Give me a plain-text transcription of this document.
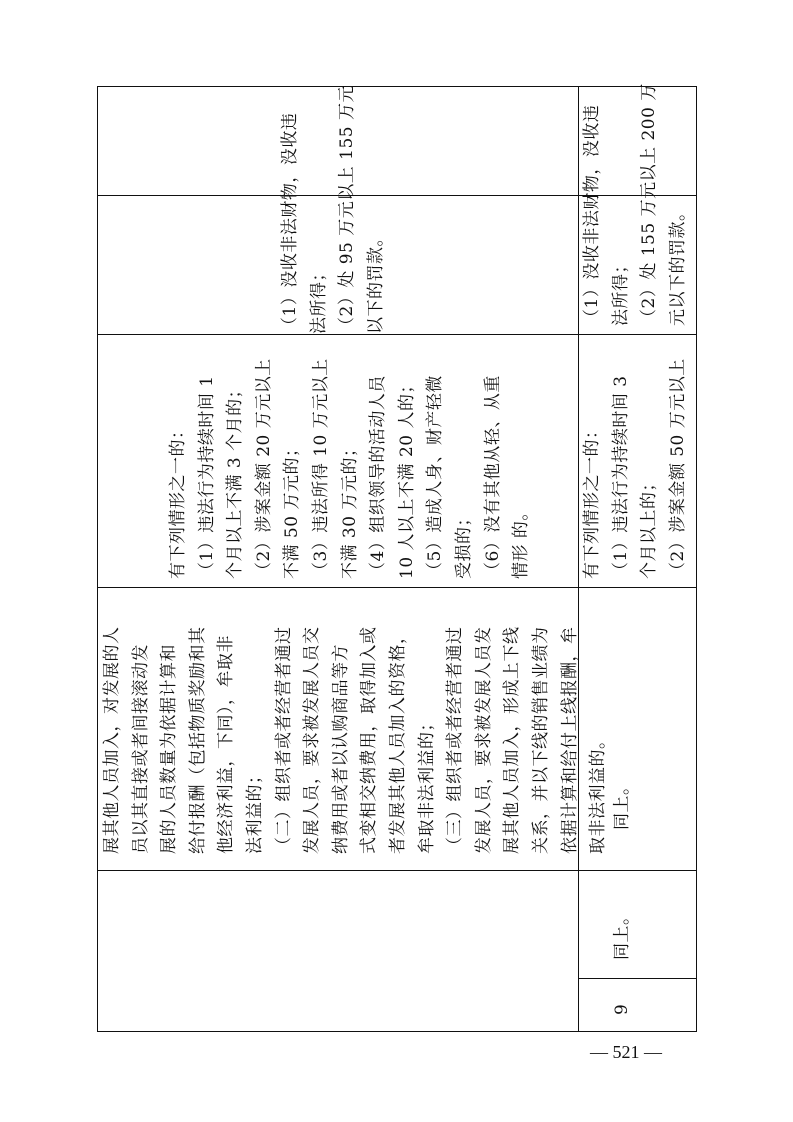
（1）没收非法财物，没收违 法所得； （2）处 95 万元以上 155 万元 以下的罚款。

有下列情形之一的： （1）违法行为持续时间 1 个月以上不满 3 个月的； （2）涉案金额 20 万元以上 不满 50 万元的； （3）违法所得 10 万元以上 不满 30 万元的； （4）组织领导的活动人员 10 人以上不满 20 人的； （5）造成人身、财产轻微 受损的； （6）没有其他从轻、从重 情形 的。

展其他人员加入，对发展的人 员以其直接或者间接滚动发 展的人员数量为依据计算和 给付报酬（包括物质奖励和其 他经济利益，下同），牟取非 法利益的； （二）组织者或者经营者通过 发展人员，要求被发展人员交 纳费用或者以认购商品等方 式变相交纳费用，取得加入或 者发展其他人员加入的资格， 牟取非法利益的； （三）组织者或者经营者通过 发展人员，要求被发展人员发 展其他人员加入，形成上下线 关系，并以下线的销售业绩为 依据计算和给付上线报酬，牟 取非法利益的。

（1）没收非法财物，没收违 法所得； （2）处 155 万元以上 200 万 元以下的罚款。

有下列情形之一的： （1）违法行为持续时间 3 个月以上的； （2）涉案金额 50 万元以上

同上。

同上。

9

— 521 —
